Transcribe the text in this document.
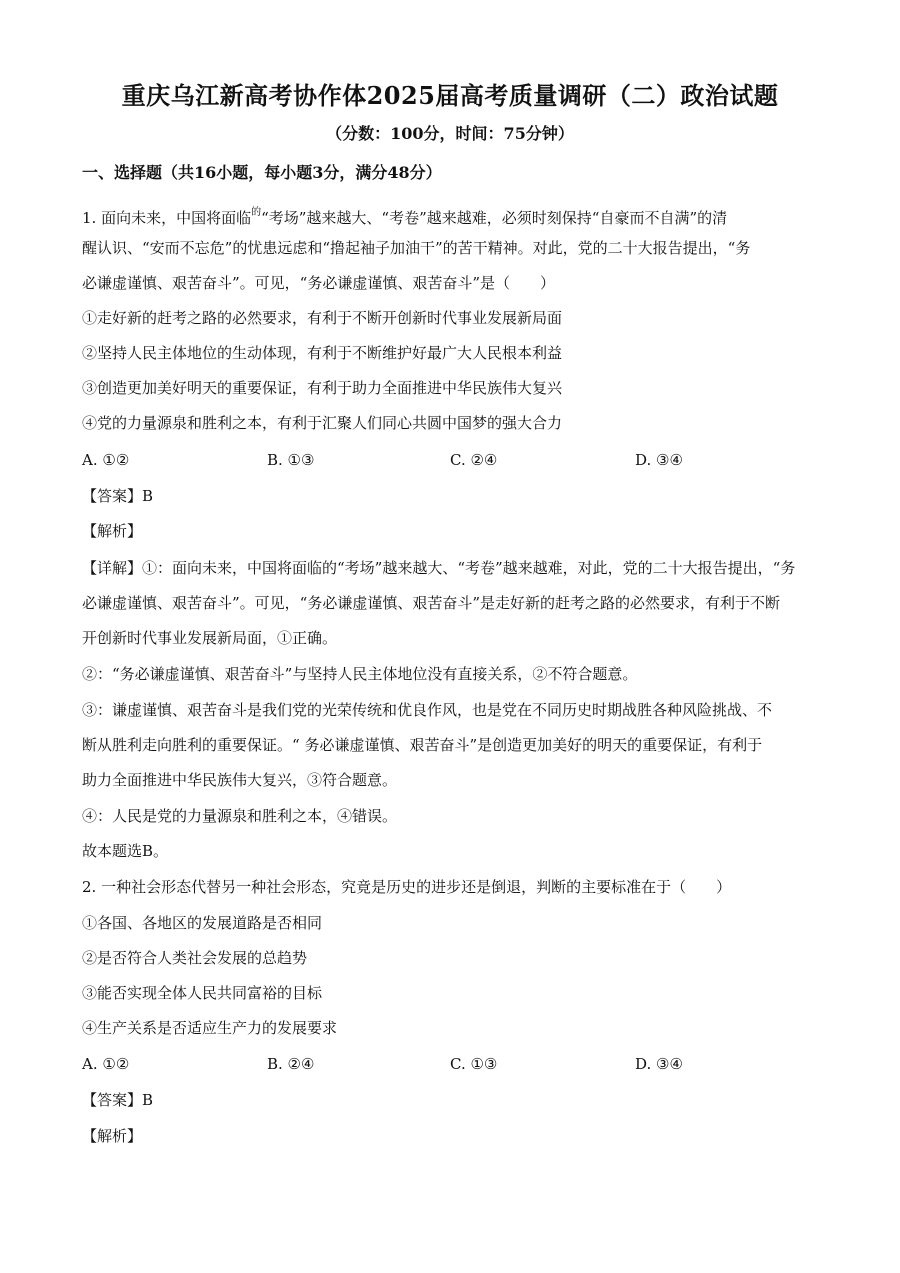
重庆乌江新高考协作体2025届高考质量调研（二）政治试题
（分数：100分，时间：75分钟）
一、选择题（共16小题，每小题3分，满分48分）
1. 面向未来，中国将面临$^的$“考场”越来越大、“考卷”越来越难，必须时刻保持“自豪而不自满”的清
醒认识、“安而不忘危”的忧患远虑和“撸起袖子加油干”的苦干精神。对此，党的二十大报告提出，“务
必谦虚谨慎、艰苦奋斗”。可见，“务必谦虚谨慎、艰苦奋斗”是（　　）
①走好新的赶考之路的必然要求，有利于不断开创新时代事业发展新局面
②坚持人民主体地位的生动体现，有利于不断维护好最广大人民根本利益
③创造更加美好明天的重要保证，有利于助力全面推进中华民族伟大复兴
④党的力量源泉和胜利之本，有利于汇聚人们同心共圆中国梦的强大合力
A. ①②	B. ①③	C. ②④	D. ③④
【答案】B
【解析】
【详解】①：面向未来，中国将面临的“考场”越来越大、“考卷”越来越难，对此，党的二十大报告提出，“务
必谦虚谨慎、艰苦奋斗”。可见，“务必谦虚谨慎、艰苦奋斗”是走好新的赶考之路的必然要求，有利于不断
开创新时代事业发展新局面，①正确。
②：“务必谦虚谨慎、艰苦奋斗”与坚持人民主体地位没有直接关系，②不符合题意。
③：谦虚谨慎、艰苦奋斗是我们党的光荣传统和优良作风，也是党在不同历史时期战胜各种风险挑战、不
断从胜利走向胜利的重要保证。“ 务必谦虚谨慎、艰苦奋斗”是创造更加美好的明天的重要保证，有利于
助力全面推进中华民族伟大复兴，③符合题意。
④：人民是党的力量源泉和胜利之本，④错误。
故本题选B。
2. 一种社会形态代替另一种社会形态，究竟是历史的进步还是倒退，判断的主要标准在于（　　）
①各国、各地区的发展道路是否相同
②是否符合人类社会发展的总趋势
③能否实现全体人民共同富裕的目标
④生产关系是否适应生产力的发展要求
A. ①②	B. ②④	C. ①③	D. ③④
【答案】B
【解析】
